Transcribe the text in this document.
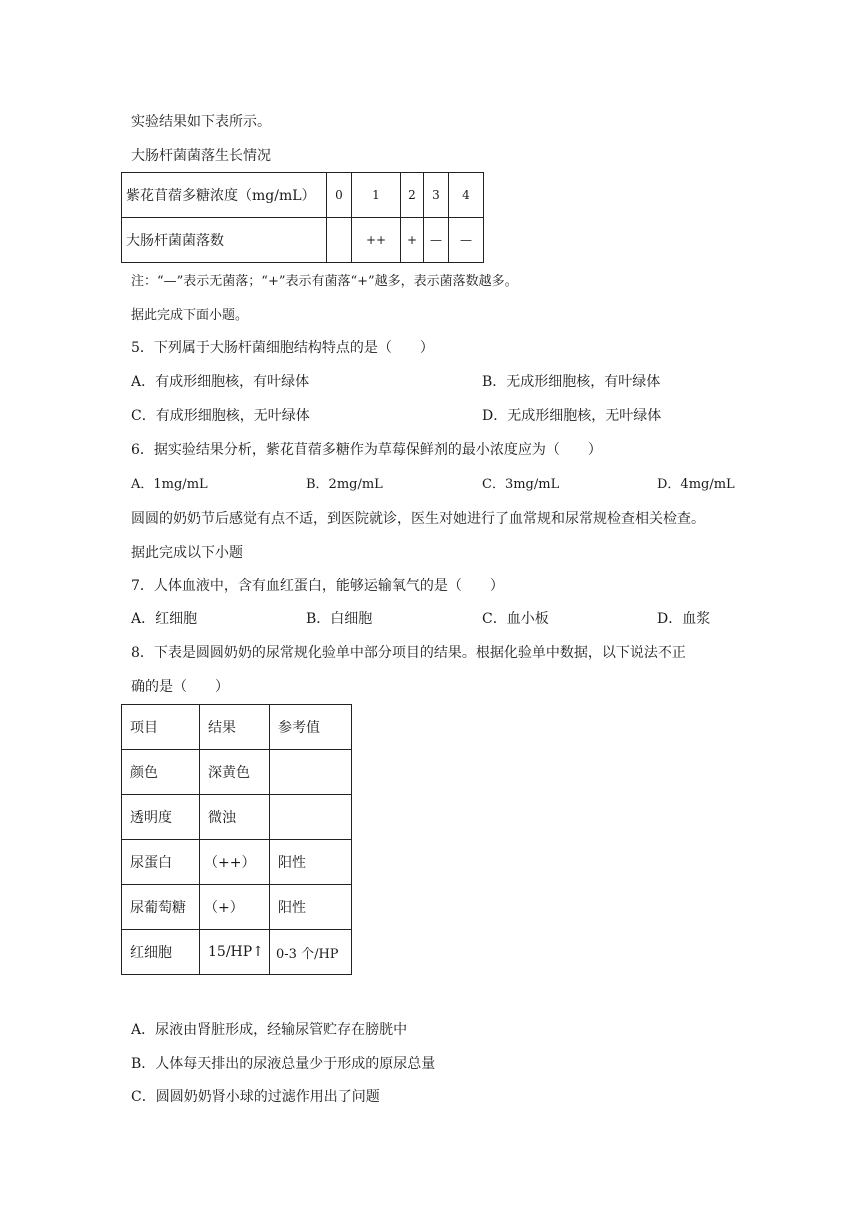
实验结果如下表所示。
大肠杆菌菌落生长情况
紫花苜蓿多糖浓度（mg/mL）	0	1	2	3	4
大肠杆菌菌落数		++	+	—	—
注：“—”表示无菌落；“+”表示有菌落“+”越多，表示菌落数越多。
据此完成下面小题。
5．下列属于大肠杆菌细胞结构特点的是（　　）
A．有成形细胞核，有叶绿体	B．无成形细胞核，有叶绿体
C．有成形细胞核，无叶绿体	D．无成形细胞核，无叶绿体
6．据实验结果分析，紫花苜蓿多糖作为草莓保鲜剂的最小浓度应为（　　）
A．1mg/mL	B．2mg/mL	C．3mg/mL	D．4mg/mL
圆圆的奶奶节后感觉有点不适，到医院就诊，医生对她进行了血常规和尿常规检查相关检查。
据此完成以下小题
7．人体血液中，含有血红蛋白，能够运输氧气的是（　　）
A．红细胞	B．白细胞	C．血小板	D．血浆
8．下表是圆圆奶奶的尿常规化验单中部分项目的结果。根据化验单中数据，以下说法不正
确的是（　　）
项目	结果	参考值
颜色	深黄色	
透明度	微浊	
尿蛋白	（++）	阳性
尿葡萄糖	（+）	阳性
红细胞	15/HP↑	0-3 个/HP
A．尿液由肾脏形成，经输尿管贮存在膀胱中
B．人体每天排出的尿液总量少于形成的原尿总量
C．圆圆奶奶肾小球的过滤作用出了问题
